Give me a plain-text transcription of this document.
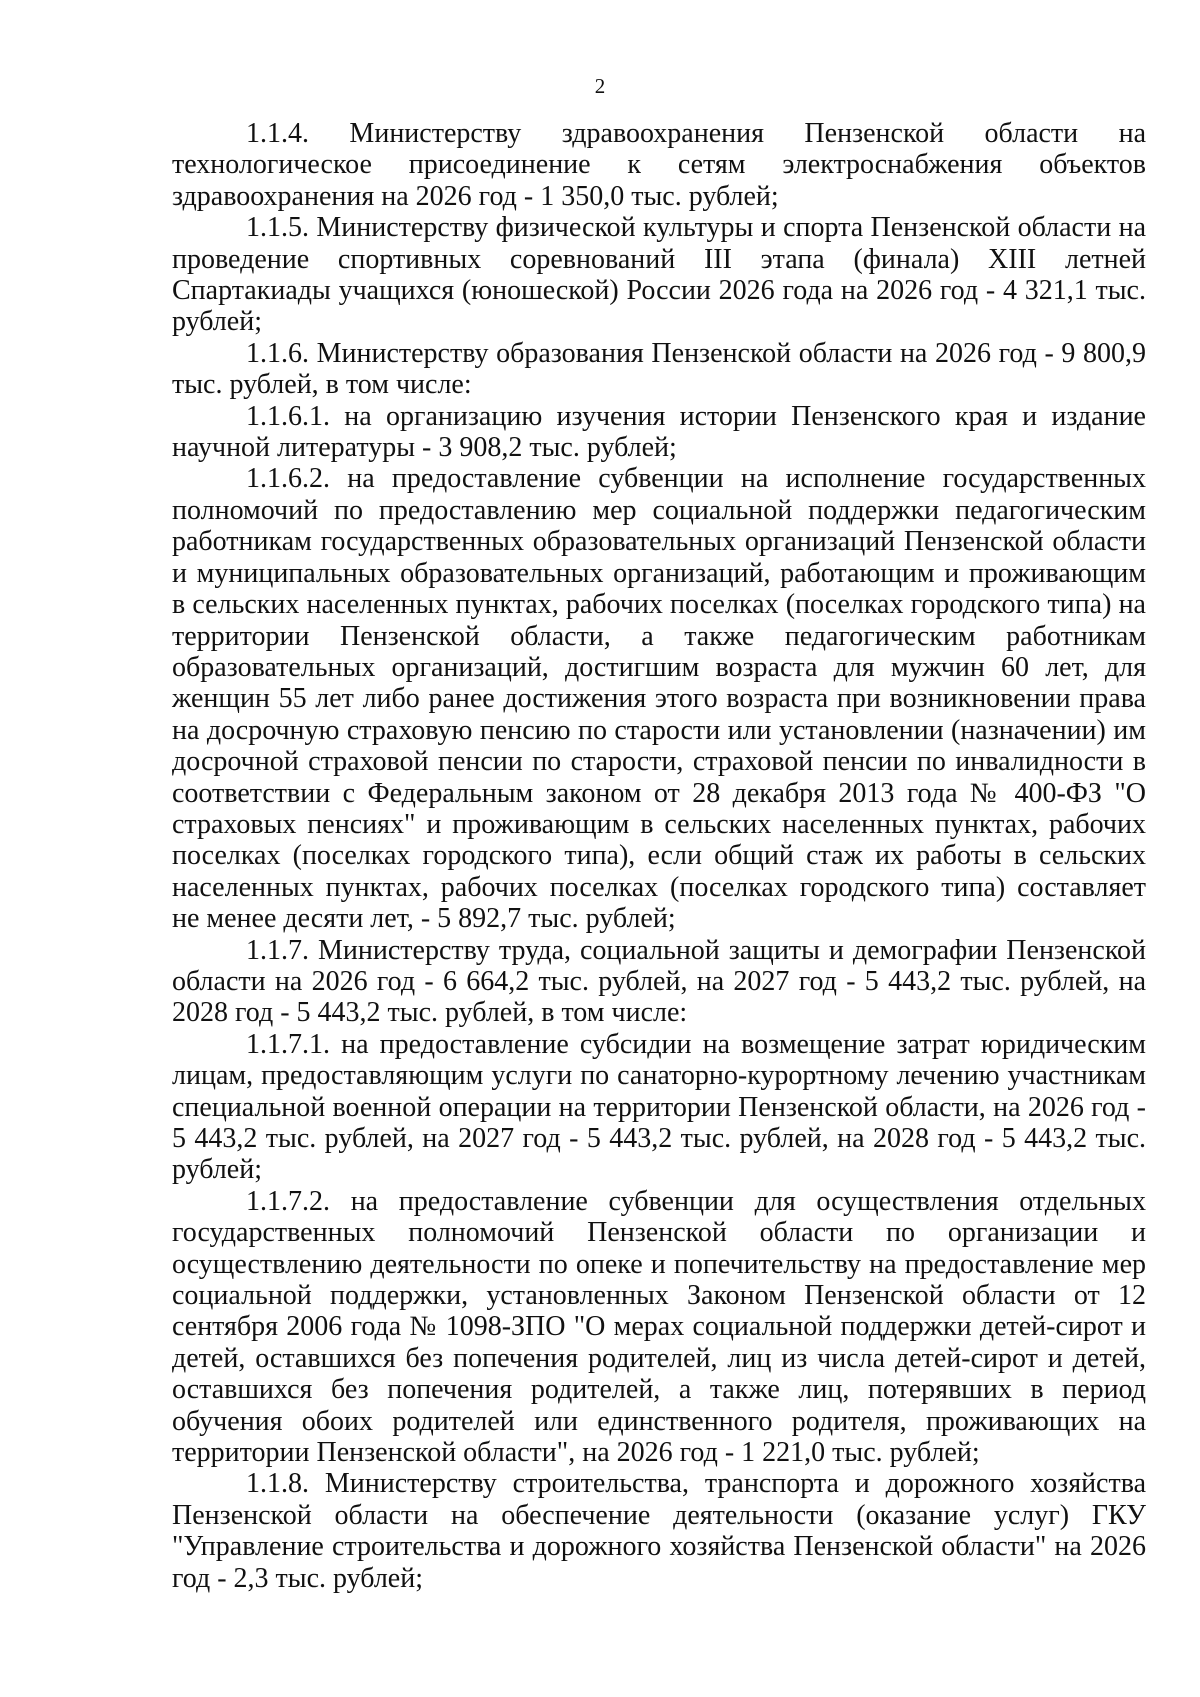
2

1.1.4. Министерству здравоохранения Пензенской области на технологическое присоединение к сетям электроснабжения объектов здравоохранения на 2026 год - 1 350,0 тыс. рублей;

1.1.5. Министерству физической культуры и спорта Пензенской области на проведение спортивных соревнований III этапа (финала) XIII летней Спартакиады учащихся (юношеской) России 2026 года на 2026 год - 4 321,1 тыс. рублей;

1.1.6. Министерству образования Пензенской области на 2026 год - 9 800,9 тыс. рублей, в том числе:

1.1.6.1. на организацию изучения истории Пензенского края и издание научной литературы - 3 908,2 тыс. рублей;

1.1.6.2. на предоставление субвенции на исполнение государственных полномочий по предоставлению мер социальной поддержки педагогическим работникам государственных образовательных организаций Пензенской области и муниципальных образовательных организаций, работающим и проживающим в сельских населенных пунктах, рабочих поселках (поселках городского типа) на территории Пензенской области, а также педагогическим работникам образовательных организаций, достигшим возраста для мужчин 60 лет, для женщин 55 лет либо ранее достижения этого возраста при возникновении права на досрочную страховую пенсию по старости или установлении (назначении) им досрочной страховой пенсии по старости, страховой пенсии по инвалидности в соответствии с Федеральным законом от 28 декабря 2013 года № 400-ФЗ "О страховых пенсиях" и проживающим в сельских населенных пунктах, рабочих поселках (поселках городского типа), если общий стаж их работы в сельских населенных пунктах, рабочих поселках (поселках городского типа) составляет не менее десяти лет, - 5 892,7 тыс. рублей;

1.1.7. Министерству труда, социальной защиты и демографии Пензенской области на 2026 год - 6 664,2 тыс. рублей, на 2027 год - 5 443,2 тыс. рублей, на 2028 год - 5 443,2 тыс. рублей, в том числе:

1.1.7.1. на предоставление субсидии на возмещение затрат юридическим лицам, предоставляющим услуги по санаторно-курортному лечению участникам специальной военной операции на территории Пензенской области, на 2026 год - 5 443,2 тыс. рублей, на 2027 год - 5 443,2 тыс. рублей, на 2028 год - 5 443,2 тыс. рублей;

1.1.7.2. на предоставление субвенции для осуществления отдельных государственных полномочий Пензенской области по организации и осуществлению деятельности по опеке и попечительству на предоставление мер социальной поддержки, установленных Законом Пензенской области от 12 сентября 2006 года № 1098-ЗПО "О мерах социальной поддержки детей-сирот и детей, оставшихся без попечения родителей, лиц из числа детей-сирот и детей, оставшихся без попечения родителей, а также лиц, потерявших в период обучения обоих родителей или единственного родителя, проживающих на территории Пензенской области", на 2026 год - 1 221,0 тыс. рублей;

1.1.8. Министерству строительства, транспорта и дорожного хозяйства Пензенской области на обеспечение деятельности (оказание услуг) ГКУ "Управление строительства и дорожного хозяйства Пензенской области" на 2026 год - 2,3 тыс. рублей;
